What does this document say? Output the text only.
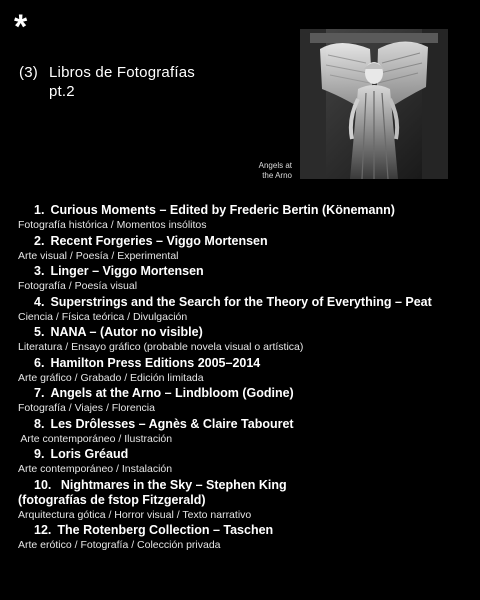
*
(3) Libros de Fotografías
pt.2
Angels at
the Arno
1. Curious Moments – Edited by Frederic Bertin (Könemann)
Fotografía histórica / Momentos insólitos
2. Recent Forgeries – Viggo Mortensen
Arte visual / Poesía / Experimental
3. Linger – Viggo Mortensen
Fotografía / Poesía visual
4. Superstrings and the Search for the Theory of Everything – Peat
Ciencia / Física teórica / Divulgación
5. NANA – (Autor no visible)
Literatura / Ensayo gráfico (probable novela visual o artística)
6. Hamilton Press Editions 2005–2014
Arte gráfico / Grabado / Edición limitada
7. Angels at the Arno – Lindbloom (Godine)
Fotografía / Viajes / Florencia
8. Les Drôlesses – Agnès & Claire Tabouret
Arte contemporáneo / Ilustración
9. Loris Gréaud
Arte contemporáneo / Instalación
10. Nightmares in the Sky – Stephen King
(fotografías de fstop Fitzgerald)
Arquitectura gótica / Horror visual / Texto narrativo
12. The Rotenberg Collection – Taschen
Arte erótico / Fotografía / Colección privada
